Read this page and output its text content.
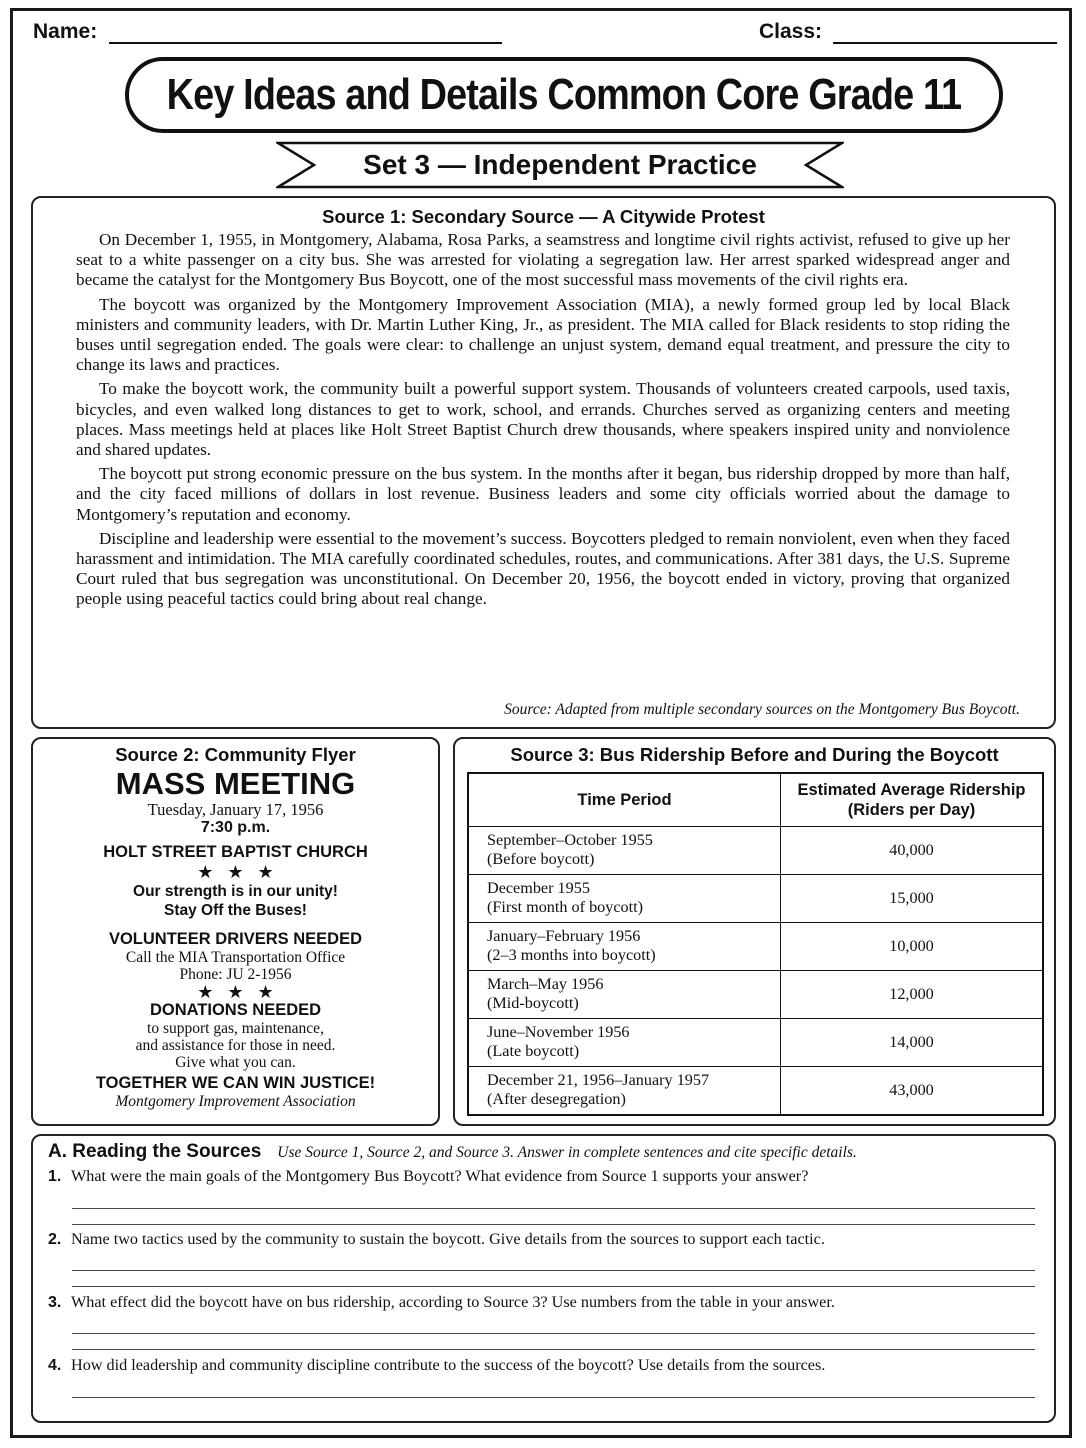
Name:	Class:
Key Ideas and Details Common Core Grade 11
Set 3 — Independent Practice
Source 1: Secondary Source — A Citywide Protest

On December 1, 1955, in Montgomery, Alabama, Rosa Parks, a seamstress and longtime civil rights activist, refused to give up her seat to a white passenger on a city bus. She was arrested for violating a segregation law. Her arrest sparked widespread anger and became the catalyst for the Montgomery Bus Boycott, one of the most successful mass movements of the civil rights era.

The boycott was organized by the Montgomery Improvement Association (MIA), a newly formed group led by local Black ministers and community leaders, with Dr. Martin Luther King, Jr., as president. The MIA called for Black residents to stop riding the buses until segregation ended. The goals were clear: to challenge an unjust system, demand equal treatment, and pressure the city to change its laws and practices.

To make the boycott work, the community built a powerful support system. Thousands of volunteers created carpools, used taxis, bicycles, and even walked long distances to get to work, school, and errands. Churches served as organizing centers and meeting places. Mass meetings held at places like Holt Street Baptist Church drew thousands, where speakers inspired unity and nonviolence and shared updates.

The boycott put strong economic pressure on the bus system. In the months after it began, bus ridership dropped by more than half, and the city faced millions of dollars in lost revenue. Business leaders and some city officials worried about the damage to Montgomery’s reputation and economy.

Discipline and leadership were essential to the movement’s success. Boycotters pledged to remain nonviolent, even when they faced harassment and intimidation. The MIA carefully coordinated schedules, routes, and communications. After 381 days, the U.S. Supreme Court ruled that bus segregation was unconstitutional. On December 20, 1956, the boycott ended in victory, proving that organized people using peaceful tactics could bring about real change.

Source: Adapted from multiple secondary sources on the Montgomery Bus Boycott.
Source 2: Community Flyer
MASS MEETING
Tuesday, January 17, 1956
7:30 p.m.
HOLT STREET BAPTIST CHURCH
★★★
Our strength is in our unity!
Stay Off the Buses!
VOLUNTEER DRIVERS NEEDED
Call the MIA Transportation Office
Phone: JU 2-1956
★★★
DONATIONS NEEDED
to support gas, maintenance,
and assistance for those in need.
Give what you can.
TOGETHER WE CAN WIN JUSTICE!
Montgomery Improvement Association
Source 3: Bus Ridership Before and During the Boycott
Time Period	Estimated Average Ridership
(Riders per Day)
September–October 1955
(Before boycott)	40,000
December 1955
(First month of boycott)	15,000
January–February 1956
(2–3 months into boycott)	10,000
March–May 1956
(Mid-boycott)	12,000
June–November 1956
(Late boycott)	14,000
December 21, 1956–January 1957
(After desegregation)	43,000
A. Reading the Sources Use Source 1, Source 2, and Source 3. Answer in complete sentences and cite specific details.
1. What were the main goals of the Montgomery Bus Boycott? What evidence from Source 1 supports your answer?
2. Name two tactics used by the community to sustain the boycott. Give details from the sources to support each tactic.
3. What effect did the boycott have on bus ridership, according to Source 3? Use numbers from the table in your answer.
4. How did leadership and community discipline contribute to the success of the boycott? Use details from the sources.
